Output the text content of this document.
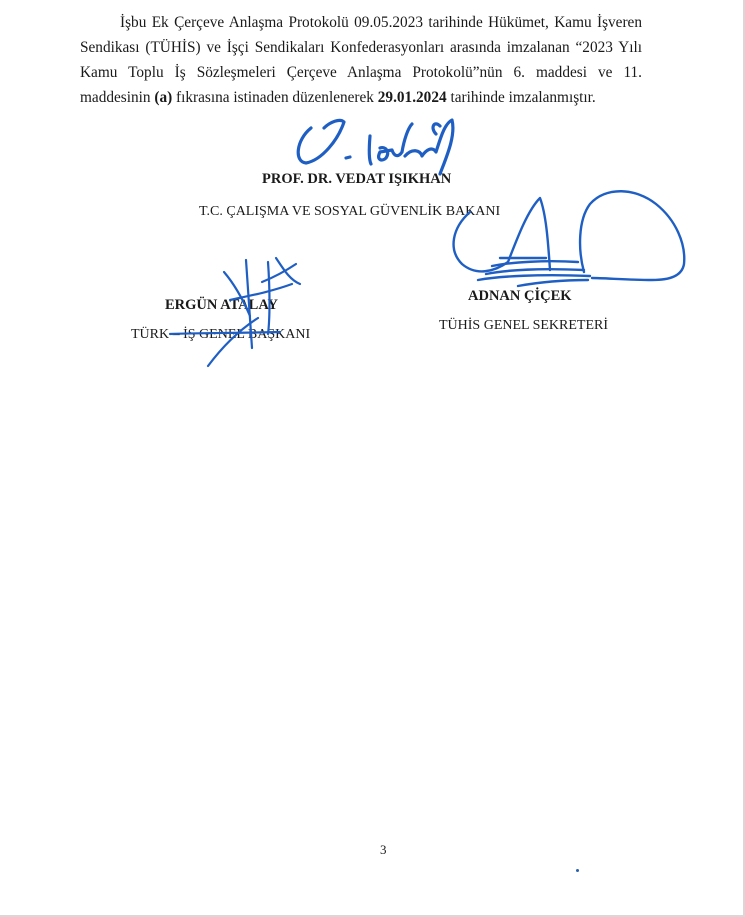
İşbu Ek Çerçeve Anlaşma Protokolü 09.05.2023 tarihinde Hükümet, Kamu İşveren Sendikası (TÜHİS) ve İşçi Sendikaları Konfederasyonları arasında imzalanan “2023 Yılı Kamu Toplu İş Sözleşmeleri Çerçeve Anlaşma Protokolü”nün 6. maddesi ve 11. maddesinin (a) fıkrasına istinaden düzenlenerek 29.01.2024 tarihinde imzalanmıştır.
PROF. DR. VEDAT IŞIKHAN
T.C. ÇALIŞMA VE SOSYAL GÜVENLİK BAKANI
ERGÜN ATALAY
TÜRK – İŞ GENEL BAŞKANI
ADNAN ÇİÇEK
TÜHİS GENEL SEKRETERİ
3
